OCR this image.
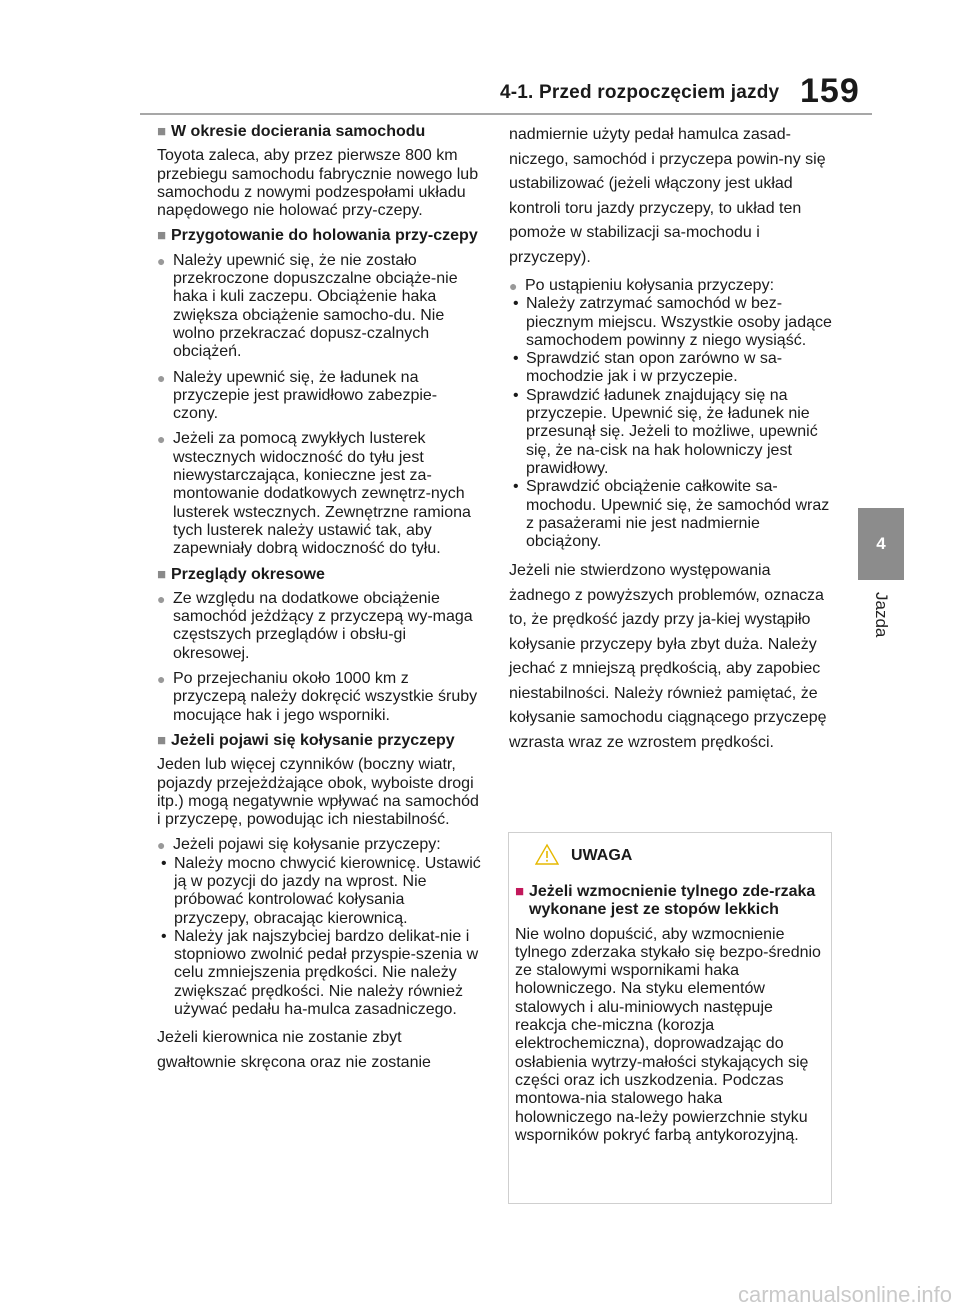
4-1. Przed rozpoczęciem jazdy 159
4
Jazda
■ W okresie docierania samochodu
Toyota zaleca, aby przez pierwsze 800 km przebiegu samochodu fabrycznie nowego lub samochodu z nowymi podzespołami układu napędowego nie holować przy-czepy.
■ Przygotowanie do holowania przy-czepy
● Należy upewnić się, że nie zostało przekroczone dopuszczalne obciąże-nie haka i kuli zaczepu. Obciążenie haka zwiększa obciążenie samocho-du. Nie wolno przekraczać dopusz-czalnych obciążeń.
● Należy upewnić się, że ładunek na przyczepie jest prawidłowo zabezpie-czony.
● Jeżeli za pomocą zwykłych lusterek wstecznych widoczność do tyłu jest niewystarczająca, konieczne jest za-montowanie dodatkowych zewnętrz-nych lusterek wstecznych. Zewnętrzne ramiona tych lusterek należy ustawić tak, aby zapewniały dobrą widoczność do tyłu.
■ Przeglądy okresowe
● Ze względu na dodatkowe obciążenie samochód jeżdżący z przyczepą wy-maga częstszych przeglądów i obsłu-gi okresowej.
● Po przejechaniu około 1000 km z przyczepą należy dokręcić wszystkie śruby mocujące hak i jego wsporniki.
■ Jeżeli pojawi się kołysanie przyczepy
Jeden lub więcej czynników (boczny wiatr, pojazdy przejeżdżające obok, wyboiste drogi itp.) mogą negatywnie wpływać na samochód i przyczepę, powodując ich niestabilność.
● Jeżeli pojawi się kołysanie przyczepy:
• Należy mocno chwycić kierownicę. Ustawić ją w pozycji do jazdy na wprost. Nie próbować kontrolować kołysania przyczepy, obracając kierownicą.
• Należy jak najszybciej bardzo delikat-nie i stopniowo zwolnić pedał przyspie-szenia w celu zmniejszenia prędkości. Nie należy zwiększać prędkości. Nie należy również używać pedału ha-mulca zasadniczego.
Jeżeli kierownica nie zostanie zbyt gwałtownie skręcona oraz nie zostanie
nadmiernie użyty pedał hamulca zasad-niczego, samochód i przyczepa powin-ny się ustabilizować (jeżeli włączony jest układ kontroli toru jazdy przyczepy, to układ ten pomoże w stabilizacji sa-mochodu i przyczepy).
● Po ustąpieniu kołysania przyczepy:
• Należy zatrzymać samochód w bez-piecznym miejscu. Wszystkie osoby jadące samochodem powinny z niego wysiąść.
• Sprawdzić stan opon zarówno w sa-mochodzie jak i w przyczepie.
• Sprawdzić ładunek znajdujący się na przyczepie. Upewnić się, że ładunek nie przesunął się. Jeżeli to możliwe, upewnić się, że na-cisk na hak holowniczy jest prawidłowy.
• Sprawdzić obciążenie całkowite sa-mochodu. Upewnić się, że samochód wraz z pasażerami nie jest nadmiernie obciążony.
Jeżeli nie stwierdzono występowania żadnego z powyższych problemów, oznacza to, że prędkość jazdy przy ja-kiej wystąpiło kołysanie przyczepy była zbyt duża. Należy jechać z mniejszą prędkością, aby zapobiec niestabilności. Należy również pamiętać, że kołysanie samochodu ciągnącego przyczepę wzrasta wraz ze wzrostem prędkości.
UWAGA
■ Jeżeli wzmocnienie tylnego zde-rzaka wykonane jest ze stopów lekkich
Nie wolno dopuścić, aby wzmocnienie tylnego zderzaka stykało się bezpo-średnio ze stalowymi wspornikami haka holowniczego. Na styku elementów stalowych i alu-miniowych następuje reakcja che-miczna (korozja elektrochemiczna), doprowadzając do osłabienia wytrzy-małości stykających się części oraz ich uszkodzenia. Podczas montowa-nia stalowego haka holowniczego na-leży powierzchnie styku wsporników pokryć farbą antykorozyjną.
carmanualsonline.info
